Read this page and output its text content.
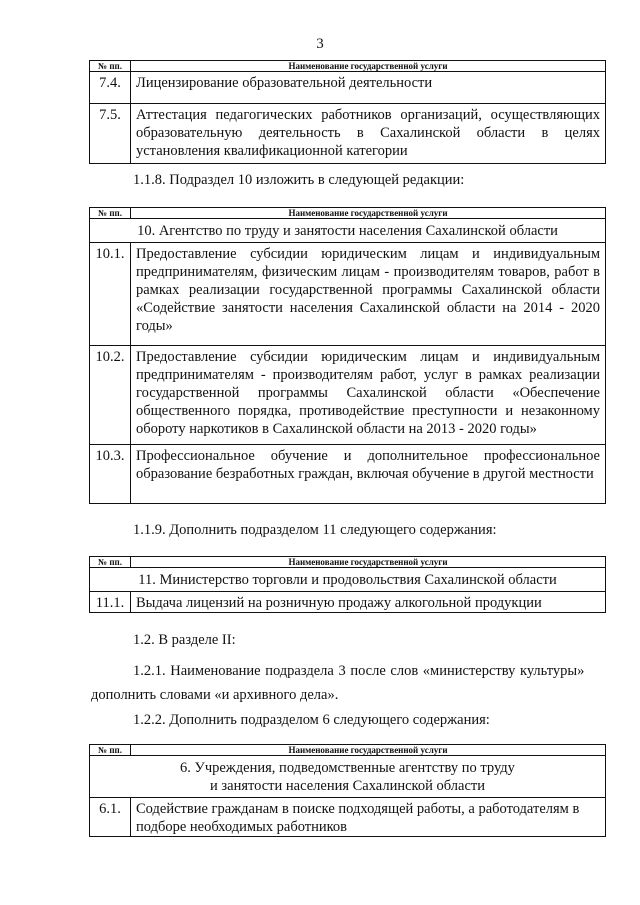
3
№ пп.	Наименование государственной услуги
7.4.	Лицензирование образовательной деятельности
7.5.	Аттестация педагогических работников организаций, осуществляющих образовательную деятельность в Сахалинской области в целях установления квалификационной категории
1.1.8. Подраздел 10 изложить в следующей редакции:
№ пп.	Наименование государственной услуги
10. Агентство по труду и занятости населения Сахалинской области	
10.1.	Предоставление субсидии юридическим лицам и индивидуальным предпринимателям, физическим лицам - производителям товаров, работ в рамках реализации государственной программы Сахалинской области «Содействие занятости населения Сахалинской области на 2014 - 2020 годы»
10.2.	Предоставление субсидии юридическим лицам и индивидуальным предпринимателям - производителям работ, услуг в рамках реализации государственной программы Сахалинской области «Обеспечение общественного порядка, противодействие преступности и незаконному обороту наркотиков в Сахалинской области на 2013 - 2020 годы»
10.3.	Профессиональное обучение и дополнительное профессиональное образование безработных граждан, включая обучение в другой местности
1.1.9. Дополнить подразделом 11 следующего содержания:
№ пп.	Наименование государственной услуги
11. Министерство торговли и продовольствия Сахалинской области	
11.1.	Выдача лицензий на розничную продажу алкогольной продукции
1.2. В разделе II:
1.2.1. Наименование подраздела 3 после слов «министерству культуры»
дополнить словами «и архивного дела».
1.2.2. Дополнить подразделом 6 следующего содержания:
№ пп.	Наименование государственной услуги

6. Учреждения, подведомственные агентству по труду
и занятости населения Сахалинской области	

6.1.	Содействие гражданам в поиске подходящей работы, а работодателям в подборе необходимых работников
